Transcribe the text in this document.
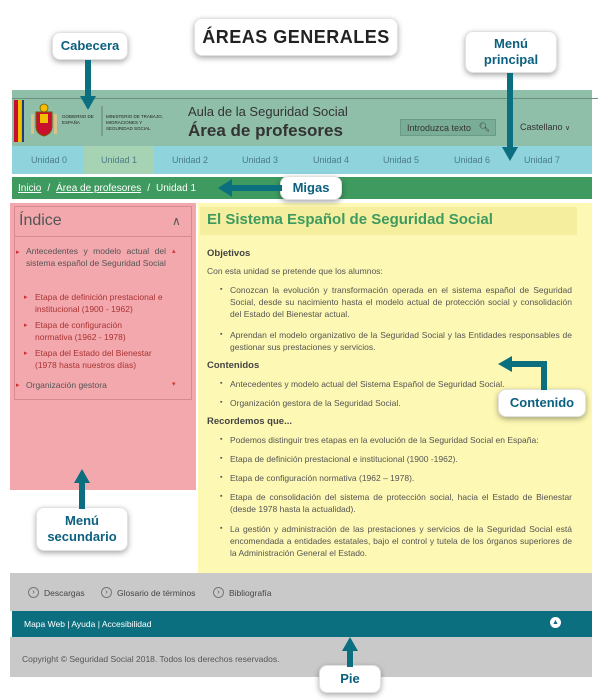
ÁREAS GENERALES
GOBIERNO DE ESPAÑA
MINISTERIO DE TRABAJO, MIGRACIONES Y SEGURIDAD SOCIAL
Aula de la Seguridad Social
Área de profesores	Introduzca texto 🔍︎	Castellano ∨
Unidad 0	Unidad 1	Unidad 2	Unidad 3	Unidad 4	Unidad 5	Unidad 6	Unidad 7
Inicio / Área de profesores / Unidad 1
Índice	∧
▸ Antecedentes y modelo actual del sistema español de Seguridad Social
▴
▸ Etapa de definición prestacional e institucional (1900 - 1962)
▸ Etapa de configuración normativa (1962 - 1978)
▸ Etapa del Estado del Bienestar (1978 hasta nuestros días)
▸ Organización gestora	▾
El Sistema Español de Seguridad Social
Objetivos
Con esta unidad se pretende que los alumnos:
▪ Conozcan la evolución y transformación operada en el sistema español de Seguridad Social, desde su nacimiento hasta el modelo actual de protección social y consolidación del Estado del Bienestar actual.
▪ Aprendan el modelo organizativo de la Seguridad Social y las Entidades responsables de gestionar sus prestaciones y servicios.
Contenidos
▪ Antecedentes y modelo actual del Sistema Español de Seguridad Social.
▪ Organización gestora de la Seguridad Social.
Recordemos que...
▪ Podemos distinguir tres etapas en la evolución de la Seguridad Social en España:
▪ Etapa de definición prestacional e institucional (1900 -1962).
▪ Etapa de configuración normativa (1962 – 1978).
▪ Etapa de consolidación del sistema de protección social, hacia el Estado de Bienestar (desde 1978 hasta la actualidad).
▪ La gestión y administración de las prestaciones y servicios de la Seguridad Social está encomendada a entidades estatales, bajo el control y tutela de los órganos superiores de la Administración General el Estado.
›	Descargas	›	Glosario de términos	›	Bibliografía
Mapa Web | Ayuda | Accesibilidad	▲
Copyright © Seguridad Social 2018. Todos los derechos reservados.
Cabecera	Menú principal
Migas
Contenido
Menú secundario
Pie
